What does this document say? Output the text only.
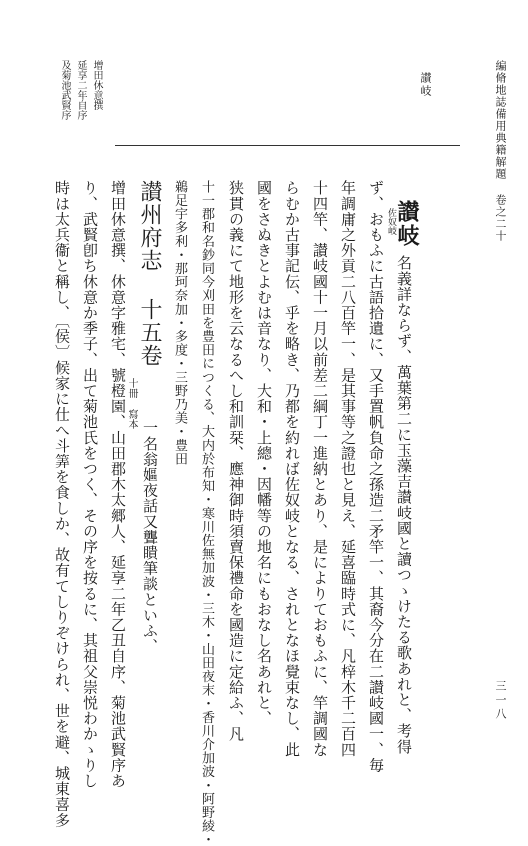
編脩地誌備用典籍解題 卷之二十
三一八
讃岐
讃岐
佐奴岐
名義詳ならず、萬葉第二に玉藻吉讃岐國と讀つゝけたる歌あれと、考得
ず、おもふに古語拾遺に、又手置帆負命之孫造二矛竿一、其裔今分在二讃岐國一、毎
年調庸之外貢二八百竿一、是其事等之證也と見え、延喜臨時式に、凡梓木千二百四
十四竿、讃岐國十一月以前差二綱丁一進納とあり、是によりておもふに、竿調國な
らむか古事記伝、乎を略き、乃都を約れば佐奴岐となる、されとなほ覺束なし、此
國をさぬきとよむは音なり、大和・上總・因幡等の地名にもおなし名あれと、
狭貫の義にて地形を云なるへし和訓栞、應神御時須賣保禮命を國造に定給ふ、凡
十一郡和名鈔同今刈田を豊田につくる、大内於布知・寒川佐無加波・三木・山田夜末・香川介加波・阿野綾・
鵜足宇多利・那珂奈加・多度・三野乃美・豊田
讃州府志 十五卷
十冊 寫本
一名翁嫗夜話又聾瞶筆談といふ、
增田休意撰、休意字雅宅、號橙園、山田郡木太郷人、延享二年乙丑自序、菊池武賢序あ
り、武賢卽ち休意か季子、出て菊池氏をつく、その序を按るに、其祖父崇悦わかゝりし
時は太兵衞と稱し、〔侯〕候家に仕へ斗筭を食しか、故有てしりぞけられ、世を避、城東喜多
增田休意撰
延享二年自序
及菊池武賢序
